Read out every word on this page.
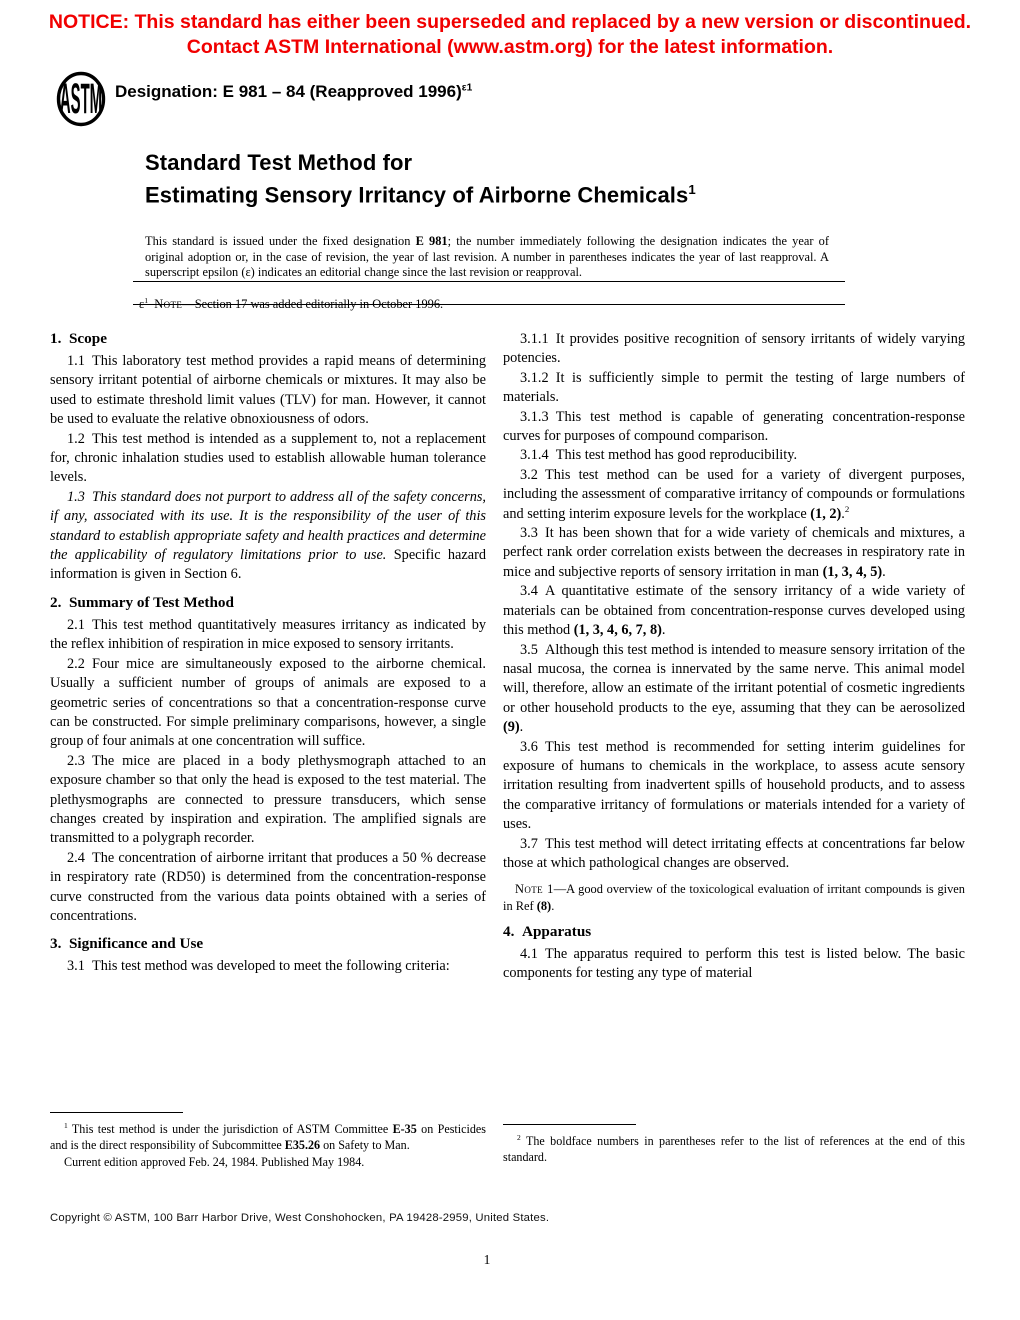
NOTICE: This standard has either been superseded and replaced by a new version or discontinued.
Contact ASTM International (www.astm.org) for the latest information.
ASTM Designation: E 981 – 84 (Reapproved 1996)$^{\varepsilon 1}$
Standard Test Method for
Estimating Sensory Irritancy of Airborne Chemicals$^1$

This standard is issued under the fixed designation E 981; the number immediately following the designation indicates the year of original adoption or, in the case of revision, the year of last revision. A number in parentheses indicates the year of last reapproval. A superscript epsilon (ε) indicates an editorial change since the last revision or reapproval.

$\varepsilon^1$  Note—Section 17 was added editorially in October 1996.

1. Scope

1.1 This laboratory test method provides a rapid means of determining sensory irritant potential of airborne chemicals or mixtures. It may also be used to estimate threshold limit values (TLV) for man. However, it cannot be used to evaluate the relative obnoxiousness of odors.

1.2 This test method is intended as a supplement to, not a replacement for, chronic inhalation studies used to establish allowable human tolerance levels.

1.3 This standard does not purport to address all of the safety concerns, if any, associated with its use. It is the responsibility of the user of this standard to establish appropriate safety and health practices and determine the applicability of regulatory limitations prior to use. Specific hazard information is given in Section 6.

2. Summary of Test Method

2.1 This test method quantitatively measures irritancy as indicated by the reflex inhibition of respiration in mice exposed to sensory irritants.

2.2 Four mice are simultaneously exposed to the airborne chemical. Usually a sufficient number of groups of animals are exposed to a geometric series of concentrations so that a concentration-response curve can be constructed. For simple preliminary comparisons, however, a single group of four animals at one concentration will suffice.

2.3 The mice are placed in a body plethysmograph attached to an exposure chamber so that only the head is exposed to the test material. The plethysmographs are connected to pressure transducers, which sense changes created by inspiration and expiration. The amplified signals are transmitted to a polygraph recorder.

2.4 The concentration of airborne irritant that produces a 50 % decrease in respiratory rate (RD50) is determined from the concentration-response curve constructed from the various data points obtained with a series of concentrations.

3. Significance and Use

3.1 This test method was developed to meet the following criteria:

3.1.1 It provides positive recognition of sensory irritants of widely varying potencies.

3.1.2 It is sufficiently simple to permit the testing of large numbers of materials.

3.1.3 This test method is capable of generating concentration-response curves for purposes of compound comparison.

3.1.4 This test method has good reproducibility.

3.2 This test method can be used for a variety of divergent purposes, including the assessment of comparative irritancy of compounds or formulations and setting interim exposure levels for the workplace (1, 2).$^2$

3.3 It has been shown that for a wide variety of chemicals and mixtures, a perfect rank order correlation exists between the decreases in respiratory rate in mice and subjective reports of sensory irritation in man (1, 3, 4, 5).

3.4 A quantitative estimate of the sensory irritancy of a wide variety of materials can be obtained from concentration-response curves developed using this method (1, 3, 4, 6, 7, 8).

3.5 Although this test method is intended to measure sensory irritation of the nasal mucosa, the cornea is innervated by the same nerve. This animal model will, therefore, allow an estimate of the irritant potential of cosmetic ingredients or other household products to the eye, assuming that they can be aerosolized (9).

3.6 This test method is recommended for setting interim guidelines for exposure of humans to chemicals in the workplace, to assess acute sensory irritation resulting from inadvertent spills of household products, and to assess the comparative irritancy of formulations or materials intended for a variety of uses.

3.7 This test method will detect irritating effects at concentrations far below those at which pathological changes are observed.

Note 1—A good overview of the toxicological evaluation of irritant compounds is given in Ref (8).

4. Apparatus

4.1 The apparatus required to perform this test is listed below. The basic components for testing any type of material

$^1$ This test method is under the jurisdiction of ASTM Committee E-35 on Pesticides and is the direct responsibility of Subcommittee E35.26 on Safety to Man.

Current edition approved Feb. 24, 1984. Published May 1984.

$^2$ The boldface numbers in parentheses refer to the list of references at the end of this standard.

Copyright © ASTM, 100 Barr Harbor Drive, West Conshohocken, PA 19428-2959, United States.
1
